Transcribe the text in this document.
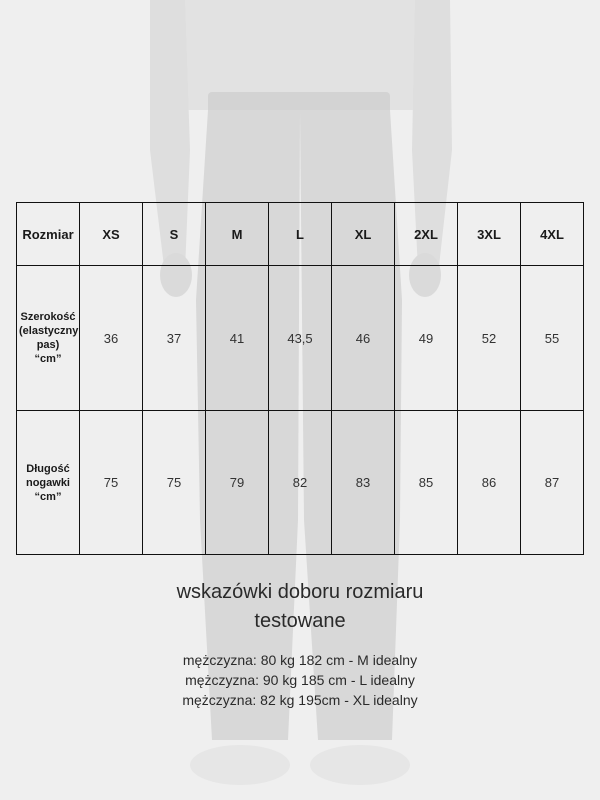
Rozmiar	XS	S	M	L	XL	2XL	3XL	4XL

Szerokość
(elastyczny
pas)
“cm”	36	37	41	43,5	46	49	52	55

Długość
nogawki
“cm”	75	75	79	82	83	85	86	87

wskazówki doboru rozmiaru
testowane

mężczyzna: 80 kg 182 cm - M idealny
mężczyzna: 90 kg 185 cm - L idealny
mężczyzna: 82 kg 195cm - XL idealny
